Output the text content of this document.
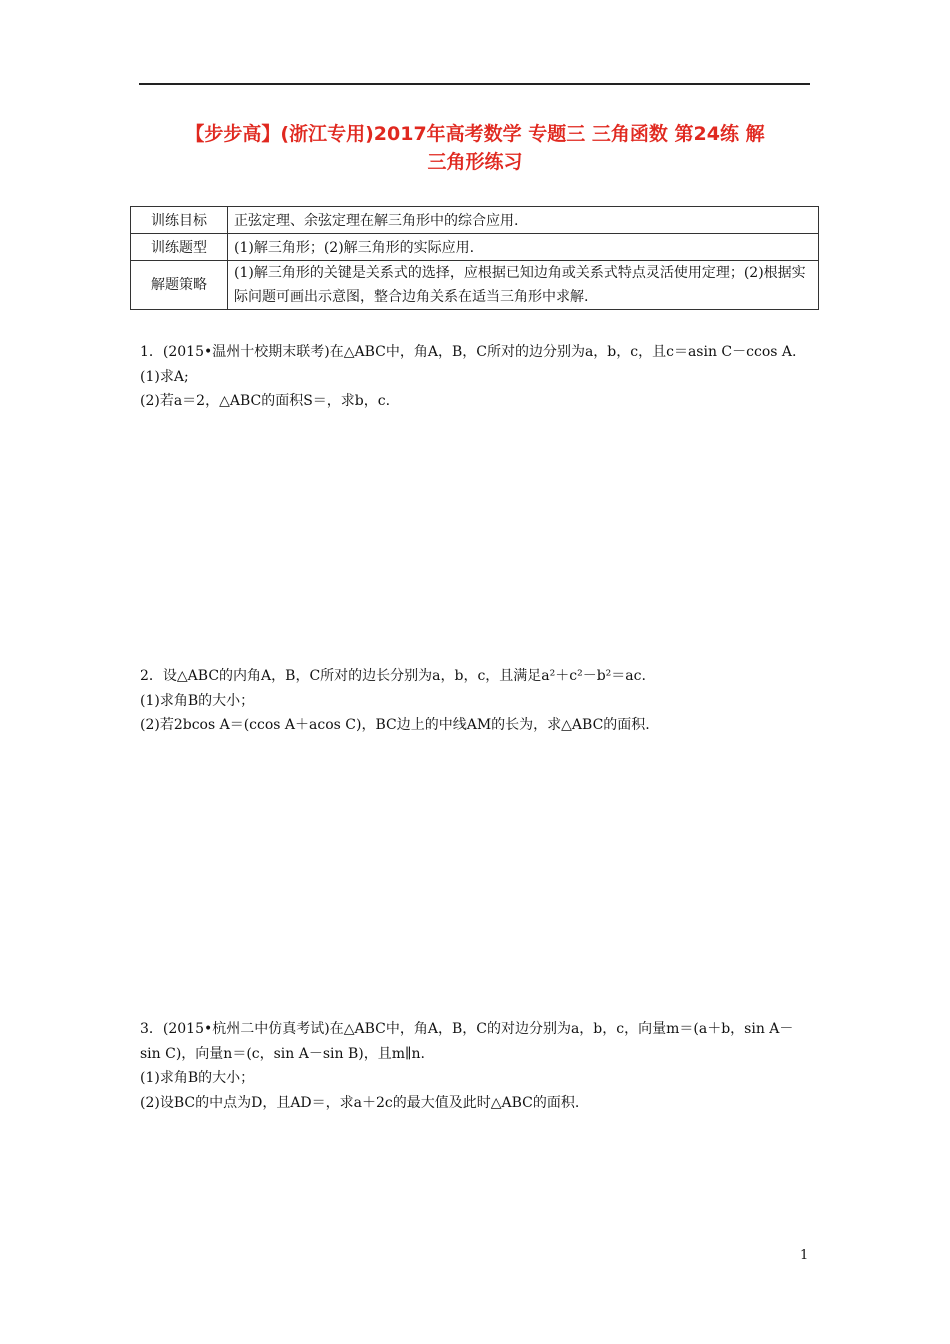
【步步高】(浙江专用)2017年高考数学 专题三 三角函数 第24练 解
三角形练习
训练目标	正弦定理、余弦定理在解三角形中的综合应用.
训练题型	(1)解三角形；(2)解三角形的实际应用.
解题策略	(1)解三角形的关键是关系式的选择，应根据已知边角或关系式特点灵活使用定理；(2)根据实际问题可画出示意图，整合边角关系在适当三角形中求解.

1．(2015•温州十校期末联考)在△ABC中，角A，B，C所对的边分别为a，b，c，且c＝asin C－ccos A.

(1)求A;

(2)若a＝2，△ABC的面积S＝，求b，c.

2．设△ABC的内角A，B，C所对的边长分别为a，b，c，且满足a²＋c²－b²＝ac.

(1)求角B的大小；

(2)若2bcos A＝(ccos A＋acos C)，BC边上的中线AM的长为，求△ABC的面积.

3．(2015•杭州二中仿真考试)在△ABC中，角A，B，C的对边分别为a，b，c，向量m＝(a＋b，sin A－sin C)，向量n＝(c，sin A－sin B)，且m∥n.

(1)求角B的大小；

(2)设BC的中点为D，且AD＝，求a＋2c的最大值及此时△ABC的面积.

1
